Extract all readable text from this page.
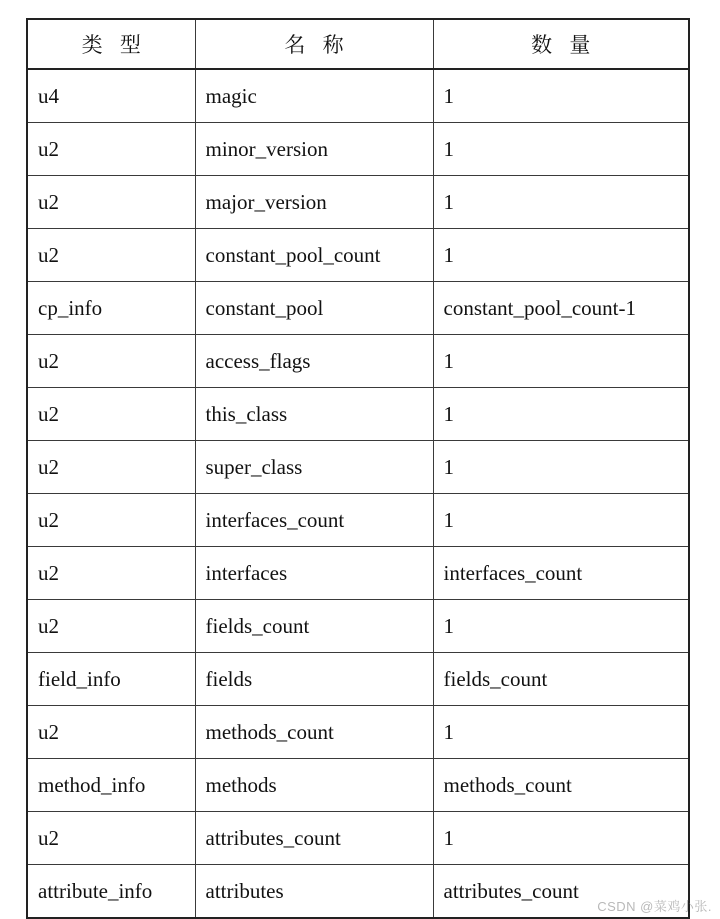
类 型	名 称	数 量
u4	magic	1
u2	minor_version	1
u2	major_version	1
u2	constant_pool_count	1
cp_info	constant_pool	constant_pool_count-1
u2	access_flags	1
u2	this_class	1
u2	super_class	1
u2	interfaces_count	1
u2	interfaces	interfaces_count
u2	fields_count	1
field_info	fields	fields_count
u2	methods_count	1
method_info	methods	methods_count
u2	attributes_count	1
attribute_info	attributes	attributes_count
CSDN @菜鸡小张.
